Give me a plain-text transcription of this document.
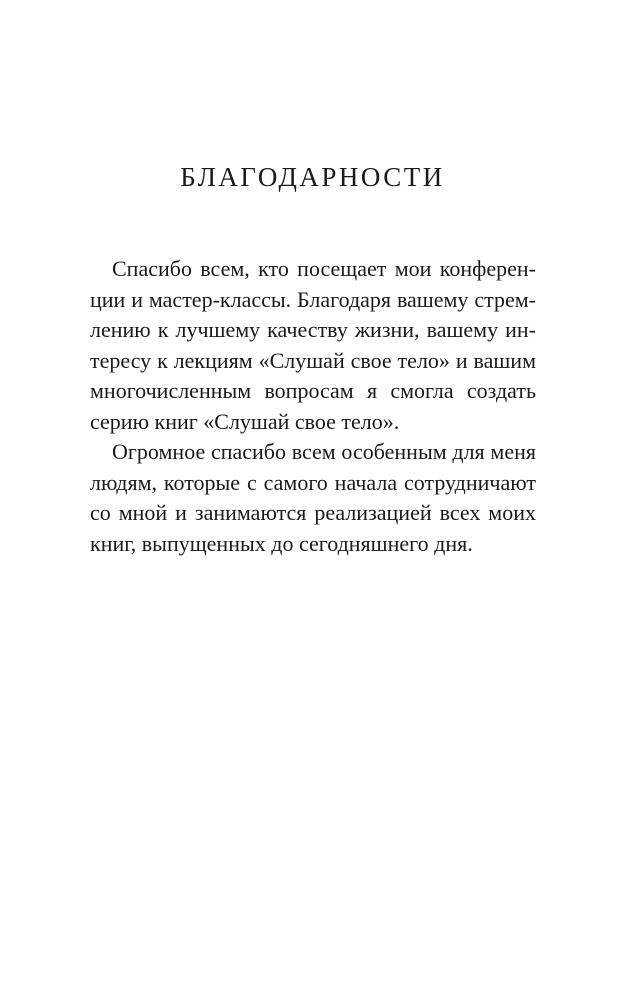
БЛАГОДАРНОСТИ
Спасибо всем, кто посещает мои конферен-
ции и мастер-классы. Благодаря вашему стрем-
лению к лучшему качеству жизни, вашему ин-
тересу к лекциям «Слушай свое тело» и вашим
многочисленным вопросам я смогла создать
серию книг «Слушай свое тело».
Огромное спасибо всем особенным для меня
людям, которые с самого начала сотрудничают
со мной и занимаются реализацией всех моих
книг, выпущенных до сегодняшнего дня.
